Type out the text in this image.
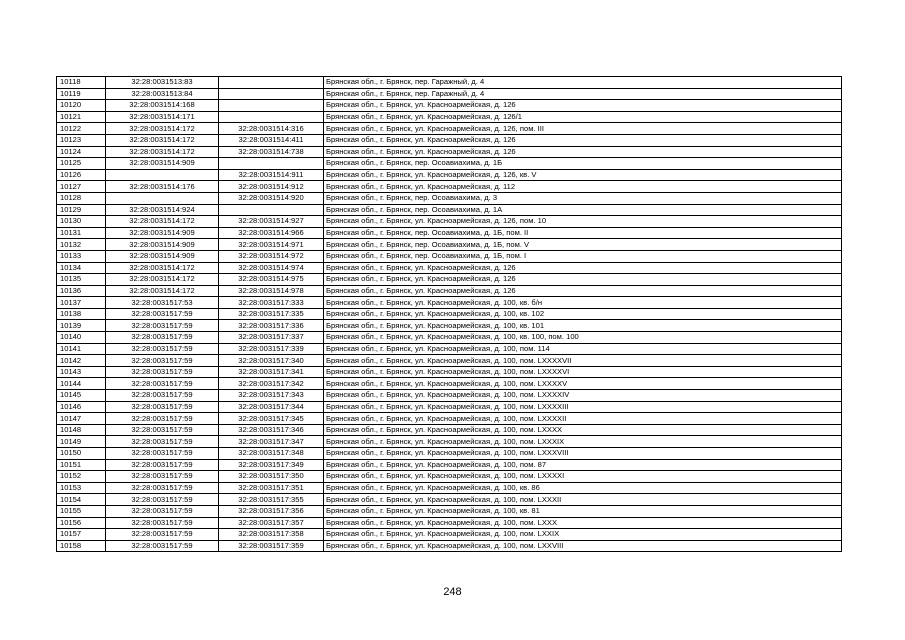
10118	32:28:0031513:83		Брянская обл., г. Брянск, пер. Гаражный, д. 4
10119	32:28:0031513:84		Брянская обл., г. Брянск, пер. Гаражный, д. 4
10120	32:28:0031514:168		Брянская обл., г. Брянск, ул. Красноармейская, д. 126
10121	32:28:0031514:171		Брянская обл., г. Брянск, ул. Красноармейская, д. 126/1
10122	32:28:0031514:172	32:28:0031514:316	Брянская обл., г. Брянск, ул. Красноармейская, д. 126, пом. III
10123	32:28:0031514:172	32:28:0031514:411	Брянская обл., г. Брянск, ул. Красноармейская, д. 126
10124	32:28:0031514:172	32:28:0031514:738	Брянская обл., г. Брянск, ул. Красноармейская, д. 126
10125	32:28:0031514:909		Брянская обл., г. Брянск, пер. Осоавиахима, д. 1Б
10126		32:28:0031514:911	Брянская обл., г. Брянск, ул. Красноармейская, д. 126, кв. V
10127	32:28:0031514:176	32:28:0031514:912	Брянская обл., г. Брянск, ул. Красноармейская, д. 112
10128		32:28:0031514:920	Брянская обл., г. Брянск, пер. Осоавиахима, д. 3
10129	32:28:0031514:924		Брянская обл., г. Брянск, пер. Осоавиахима, д. 1А
10130	32:28:0031514:172	32:28:0031514:927	Брянская обл., г. Брянск, ул. Красноармейская, д. 126, пом. 10
10131	32:28:0031514:909	32:28:0031514:966	Брянская обл., г. Брянск, пер. Осоавиахима, д. 1Б, пом. II
10132	32:28:0031514:909	32:28:0031514:971	Брянская обл., г. Брянск, пер. Осоавиахима, д. 1Б, пом. V
10133	32:28:0031514:909	32:28:0031514:972	Брянская обл., г. Брянск, пер. Осоавиахима, д. 1Б, пом. I
10134	32:28:0031514:172	32:28:0031514:974	Брянская обл., г. Брянск, ул. Красноармейская, д. 126
10135	32:28:0031514:172	32:28:0031514:975	Брянская обл., г. Брянск, ул. Красноармейская, д. 126
10136	32:28:0031514:172	32:28:0031514:978	Брянская обл., г. Брянск, ул. Красноармейская, д. 126
10137	32:28:0031517:53	32:28:0031517:333	Брянская обл., г. Брянск, ул. Красноармейская, д. 100, кв. б/н
10138	32:28:0031517:59	32:28:0031517:335	Брянская обл., г. Брянск, ул. Красноармейская, д. 100, кв. 102
10139	32:28:0031517:59	32:28:0031517:336	Брянская обл., г. Брянск, ул. Красноармейская, д. 100, кв. 101
10140	32:28:0031517:59	32:28:0031517:337	Брянская обл., г. Брянск, ул. Красноармейская, д. 100, кв. 100, пом. 100
10141	32:28:0031517:59	32:28:0031517:339	Брянская обл., г. Брянск, ул. Красноармейская, д. 100, пом. 114
10142	32:28:0031517:59	32:28:0031517:340	Брянская обл., г. Брянск, ул. Красноармейская, д. 100, пом. LXXXXVII
10143	32:28:0031517:59	32:28:0031517:341	Брянская обл., г. Брянск, ул. Красноармейская, д. 100, пом. LXXXXVI
10144	32:28:0031517:59	32:28:0031517:342	Брянская обл., г. Брянск, ул. Красноармейская, д. 100, пом. LXXXXV
10145	32:28:0031517:59	32:28:0031517:343	Брянская обл., г. Брянск, ул. Красноармейская, д. 100, пом. LXXXXIV
10146	32:28:0031517:59	32:28:0031517:344	Брянская обл., г. Брянск, ул. Красноармейская, д. 100, пом. LXXXXIII
10147	32:28:0031517:59	32:28:0031517:345	Брянская обл., г. Брянск, ул. Красноармейская, д. 100, пом. LXXXXII
10148	32:28:0031517:59	32:28:0031517:346	Брянская обл., г. Брянск, ул. Красноармейская, д. 100, пом. LXXXX
10149	32:28:0031517:59	32:28:0031517:347	Брянская обл., г. Брянск, ул. Красноармейская, д. 100, пом. LXXXIX
10150	32:28:0031517:59	32:28:0031517:348	Брянская обл., г. Брянск, ул. Красноармейская, д. 100, пом. LXXXVIII
10151	32:28:0031517:59	32:28:0031517:349	Брянская обл., г. Брянск, ул. Красноармейская, д. 100, пом. 87
10152	32:28:0031517:59	32:28:0031517:350	Брянская обл., г. Брянск, ул. Красноармейская, д. 100, пом. LXXXXI
10153	32:28:0031517:59	32:28:0031517:351	Брянская обл., г. Брянск, ул. Красноармейская, д. 100, кв. 86
10154	32:28:0031517:59	32:28:0031517:355	Брянская обл., г. Брянск, ул. Красноармейская, д. 100, пом. LXXXII
10155	32:28:0031517:59	32:28:0031517:356	Брянская обл., г. Брянск, ул. Красноармейская, д. 100, кв. 81
10156	32:28:0031517:59	32:28:0031517:357	Брянская обл., г. Брянск, ул. Красноармейская, д. 100, пом. LXXX
10157	32:28:0031517:59	32:28:0031517:358	Брянская обл., г. Брянск, ул. Красноармейская, д. 100, пом. LXXIX
10158	32:28:0031517:59	32:28:0031517:359	Брянская обл., г. Брянск, ул. Красноармейская, д. 100, пом. LXXVIII
248
